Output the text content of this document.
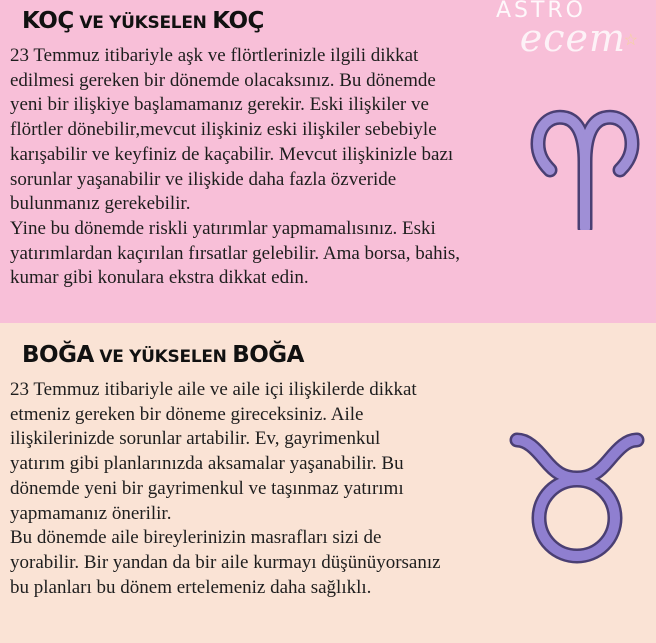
KOÇ VE YÜKSELEN KOÇ	ASTRO
ecem
☆

23 Temmuz itibariyle aşk ve flörtlerinizle ilgili dikkat
edilmesi gereken bir dönemde olacaksınız. Bu dönemde
yeni bir ilişkiye başlamamanız gerekir. Eski ilişkiler ve
flörtler dönebilir,mevcut ilişkiniz eski ilişkiler sebebiyle
karışabilir ve keyfiniz de kaçabilir. Mevcut ilişkinizle bazı
sorunlar yaşanabilir ve ilişkide daha fazla özveride
bulunmanız gerekebilir.
Yine bu dönemde riskli yatırımlar yapmamalısınız. Eski
yatırımlardan kaçırılan fırsatlar gelebilir. Ama borsa, bahis,
kumar gibi konulara ekstra dikkat edin.

BOĞA VE YÜKSELEN BOĞA

23 Temmuz itibariyle aile ve aile içi ilişkilerde dikkat
etmeniz gereken bir döneme gireceksiniz. Aile
ilişkilerinizde sorunlar artabilir. Ev, gayrimenkul
yatırım gibi planlarınızda aksamalar yaşanabilir. Bu
dönemde yeni bir gayrimenkul ve taşınmaz yatırımı
yapmamanız önerilir.
Bu dönemde aile bireylerinizin masrafları sizi de
yorabilir. Bir yandan da bir aile kurmayı düşünüyorsanız
bu planları bu dönem ertelemeniz daha sağlıklı.
